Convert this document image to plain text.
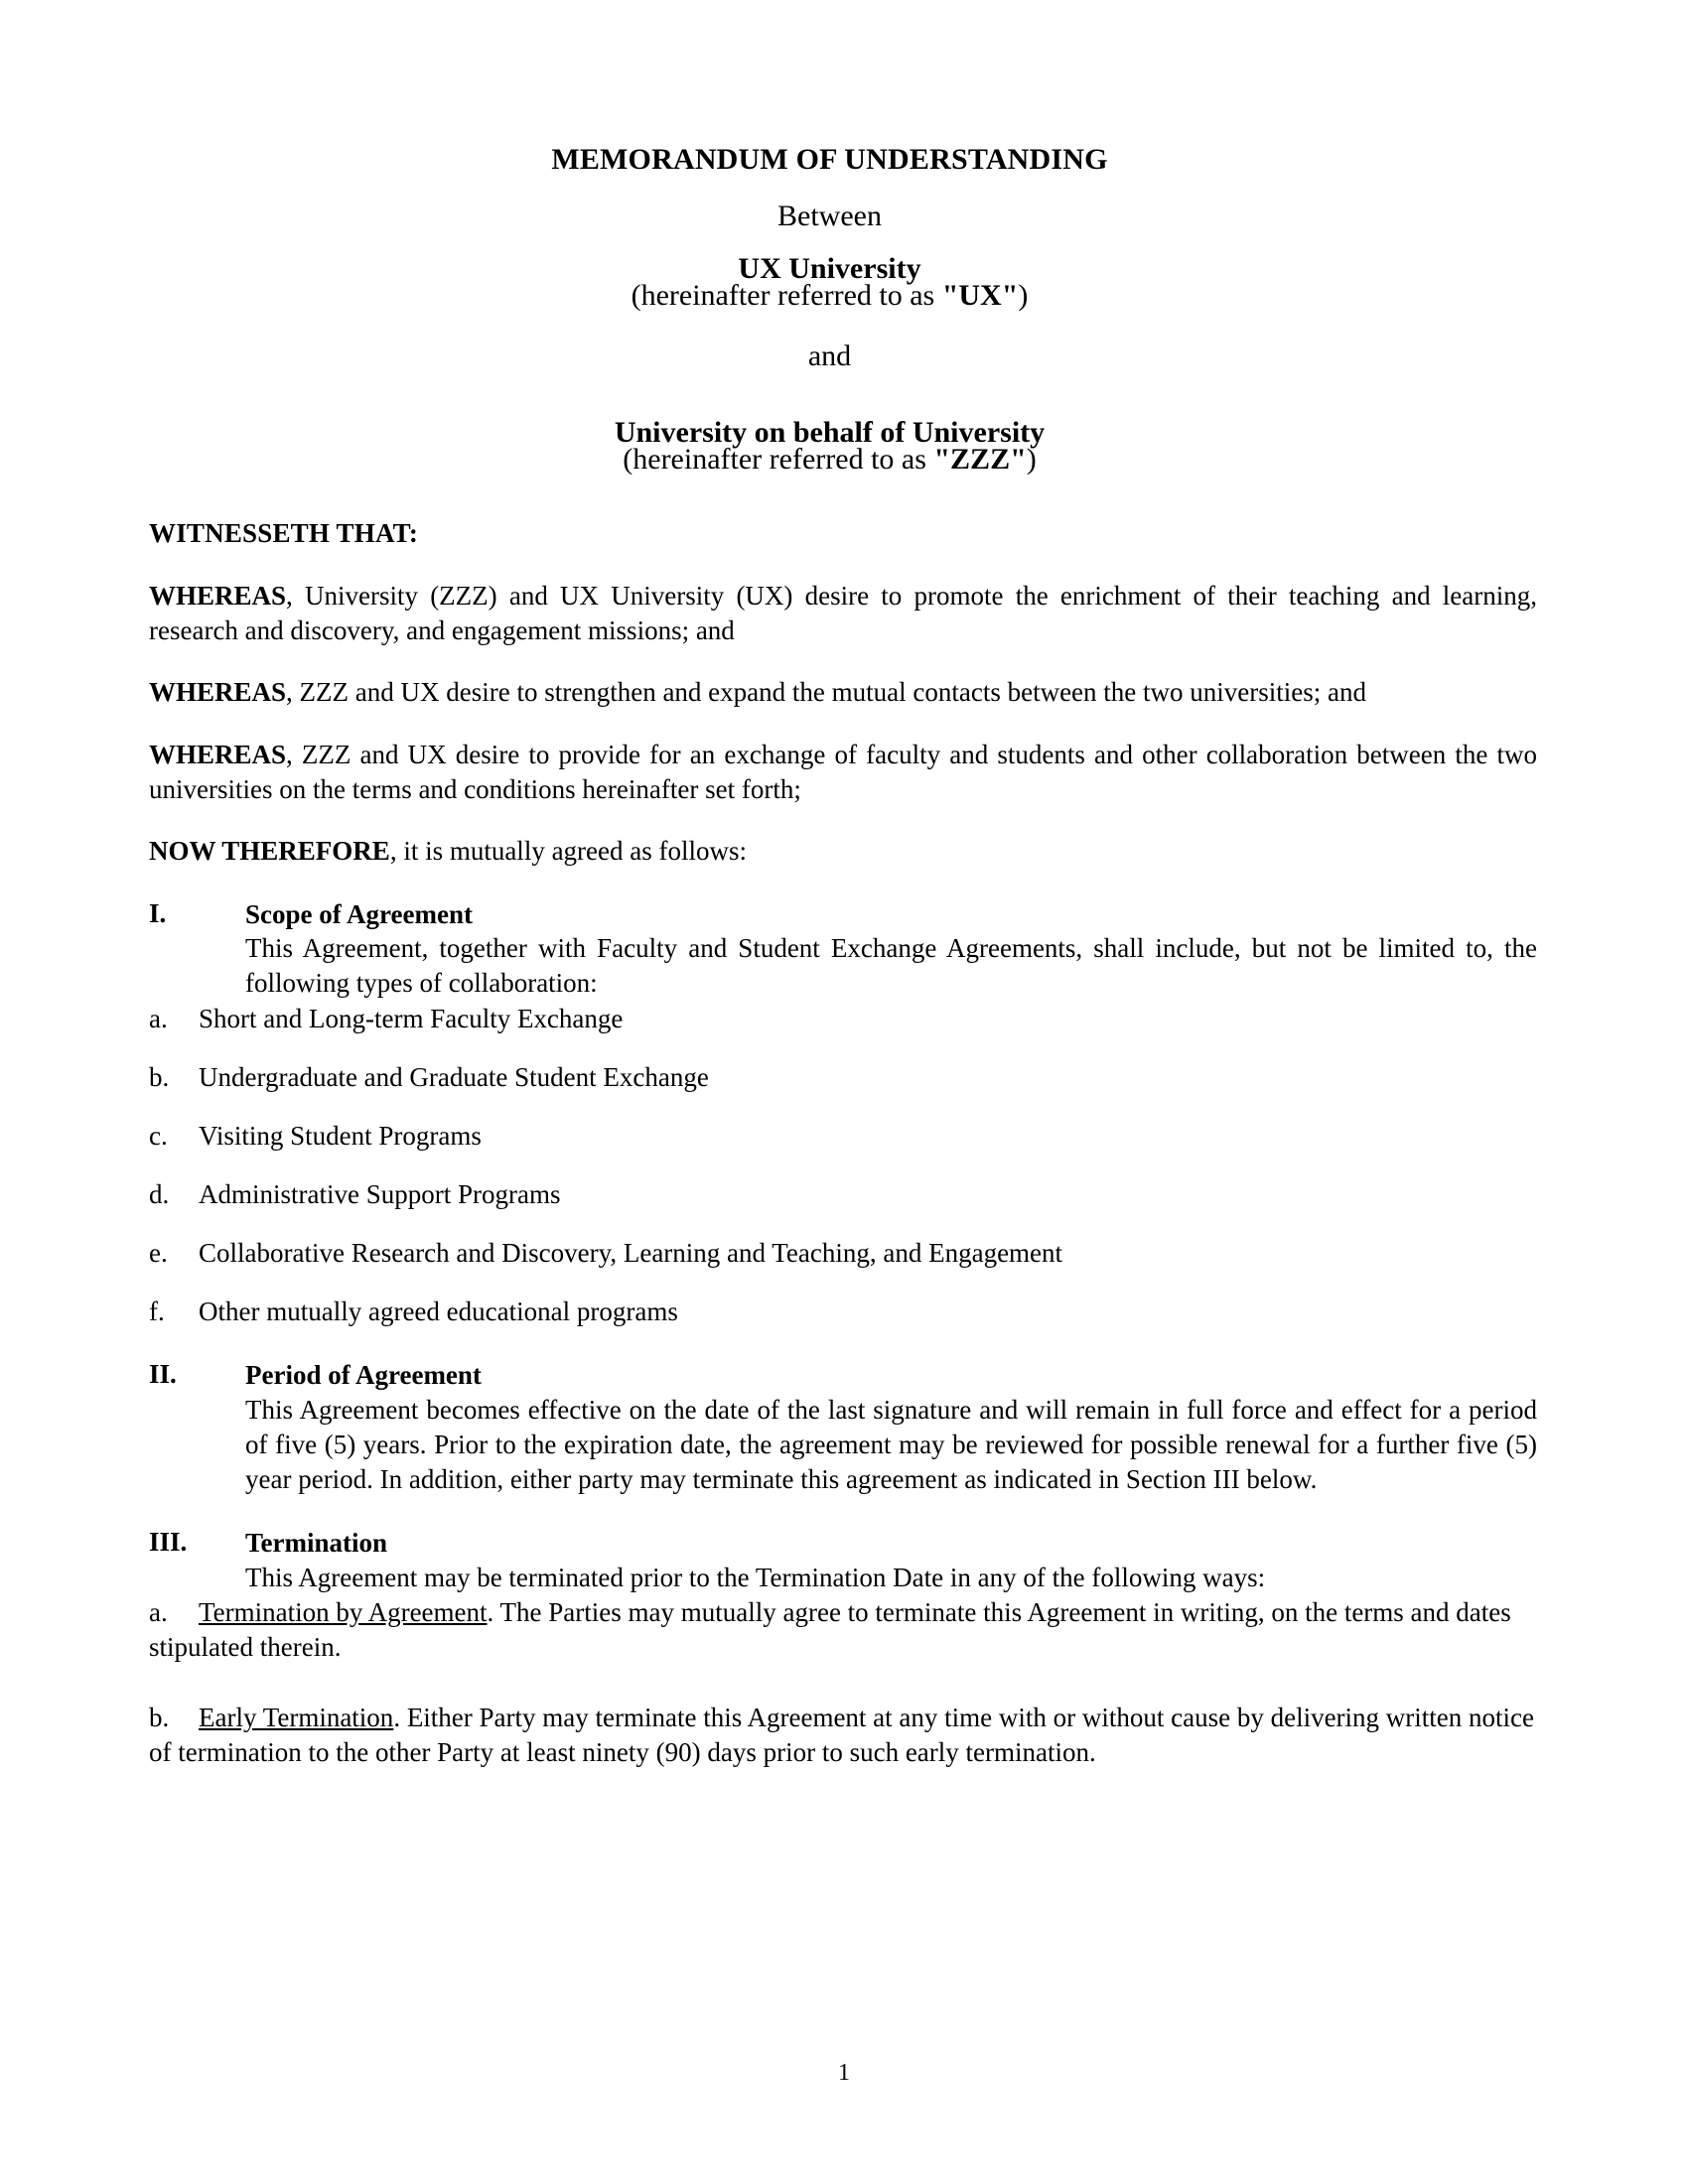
MEMORANDUM OF UNDERSTANDING
Between
UX University
(hereinafter referred to as "UX")
and
University on behalf of University
(hereinafter referred to as "ZZZ")
WITNESSETH THAT:

WHEREAS, University (ZZZ) and UX University (UX) desire to promote the enrichment of their teaching and learning, research and discovery, and engagement missions; and

WHEREAS, ZZZ and UX desire to strengthen and expand the mutual contacts between the two universities; and

WHEREAS, ZZZ and UX desire to provide for an exchange of faculty and students and other collaboration between the two universities on the terms and conditions hereinafter set forth;

NOW THEREFORE, it is mutually agreed as follows:

I.	Scope of Agreement

This Agreement, together with Faculty and Student Exchange Agreements, shall include, but not be limited to, the following types of collaboration:

a.	Short and Long-term Faculty Exchange
b.	Undergraduate and Graduate Student Exchange
c.	Visiting Student Programs
d.	Administrative Support Programs
e.	Collaborative Research and Discovery, Learning and Teaching, and Engagement
f.	Other mutually agreed educational programs
II.	Period of Agreement

This Agreement becomes effective on the date of the last signature and will remain in full force and effect for a period of five (5) years. Prior to the expiration date, the agreement may be reviewed for possible renewal for a further five (5) year period. In addition, either party may terminate this agreement as indicated in Section III below.

III.	Termination

This Agreement may be terminated prior to the Termination Date in any of the following ways:

a.	Termination by Agreement. The Parties may mutually agree to terminate this Agreement in writing, on the terms and dates stipulated therein.
b.	Early Termination. Either Party may terminate this Agreement at any time with or without cause by delivering written notice of termination to the other Party at least ninety (90) days prior to such early termination.
1
